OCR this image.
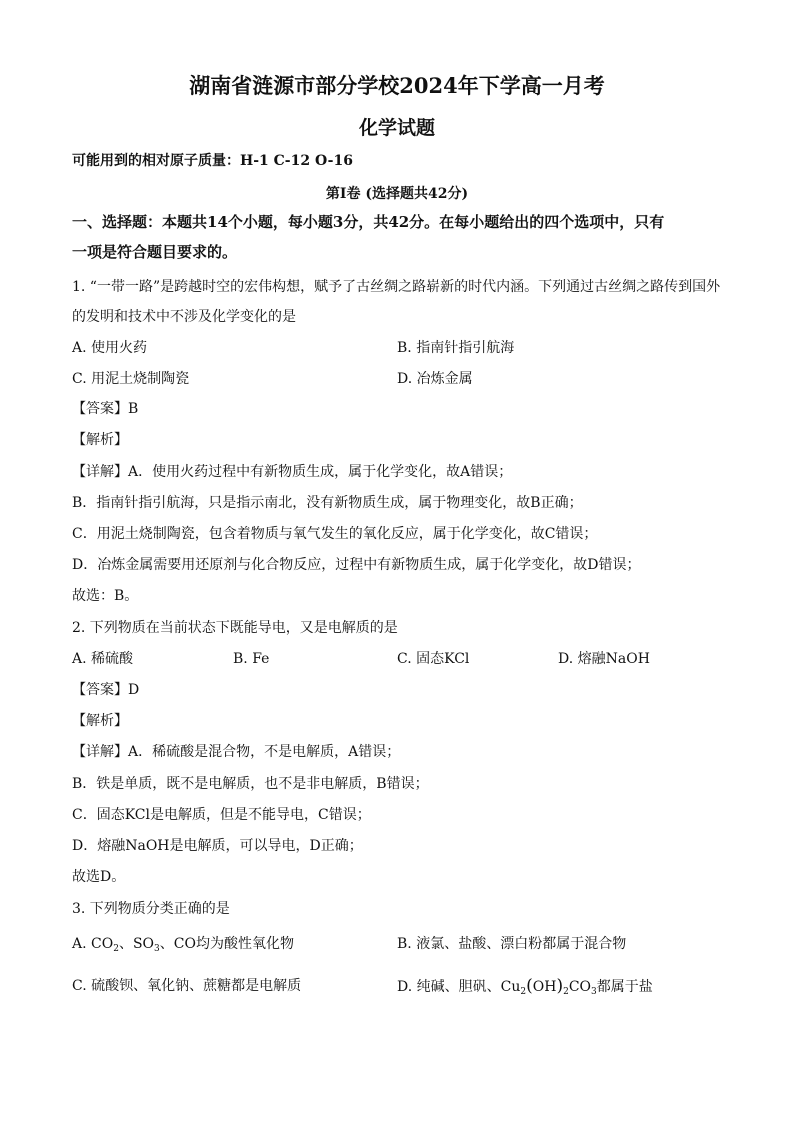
湖南省涟源市部分学校2024年下学高一月考
化学试题
可能用到的相对原子质量：H-1 C-12 O-16
第Ⅰ卷 (选择题共42分)
一、选择题：本题共14个小题，每小题3分，共42分。在每小题给出的四个选项中，只有
一项是符合题目要求的。
1. “一带一路”是跨越时空的宏伟构想，赋予了古丝绸之路崭新的时代内涵。下列通过古丝绸之路传到国外
的发明和技术中不涉及化学变化的是
A. 使用火药	B. 指南针指引航海
C. 用泥土烧制陶瓷	D. 冶炼金属
【答案】B
【解析】
【详解】A．使用火药过程中有新物质生成，属于化学变化，故A错误；
B．指南针指引航海，只是指示南北，没有新物质生成，属于物理变化，故B正确；
C．用泥土烧制陶瓷，包含着物质与氧气发生的氧化反应，属于化学变化，故C错误；
D．冶炼金属需要用还原剂与化合物反应，过程中有新物质生成，属于化学变化，故D错误；
故选：B。
2. 下列物质在当前状态下既能导电，又是电解质的是
A. 稀硫酸	B. Fe	C. 固态KCl	D. 熔融NaOH
【答案】D
【解析】
【详解】A．稀硫酸是混合物，不是电解质，A错误；
B．铁是单质，既不是电解质，也不是非电解质，B错误；
C．固态KCl是电解质，但是不能导电，C错误；
D．熔融NaOH是电解质，可以导电，D正确；
故选D。
3. 下列物质分类正确的是
A. $CO_2$、$SO_3$、CO均为酸性氧化物	B. 液氯、盐酸、漂白粉都属于混合物
C. 硫酸钡、氧化钠、蔗糖都是电解质	D. 纯碱、胆矾、$Cu_2(OH)_2CO_3$都属于盐
